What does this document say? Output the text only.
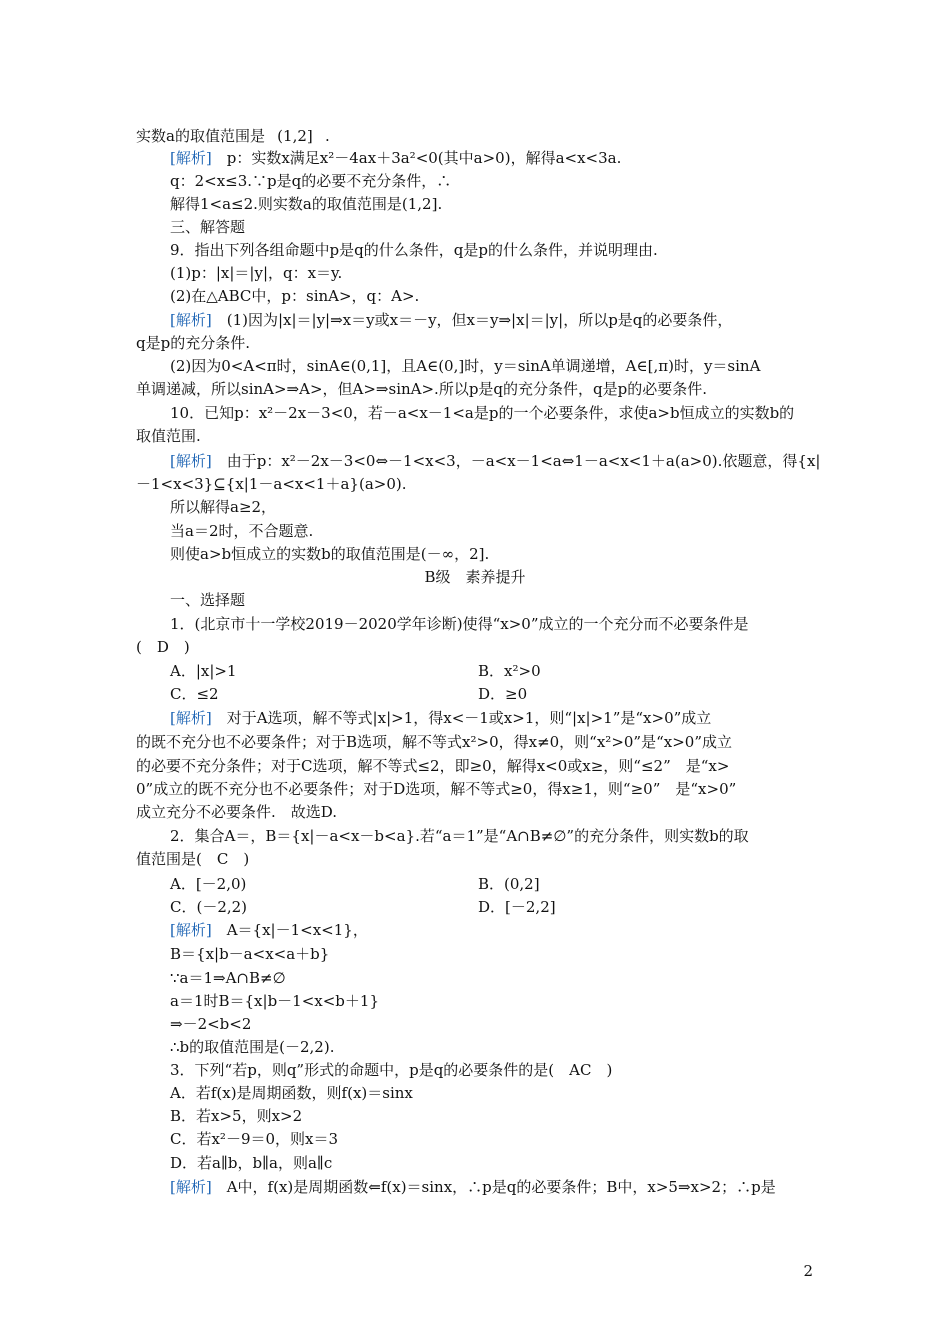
实数a的取值范围是 (1,2] .
[解析]　p：实数x满足x²－4ax＋3a²<0(其中a>0)，解得a<x<3a.
q：2<x≤3.∵p是q的必要不充分条件，∴
解得1<a≤2.则实数a的取值范围是(1,2].
三、解答题
9．指出下列各组命题中p是q的什么条件，q是p的什么条件，并说明理由.
(1)p：|x|＝|y|，q：x＝y.
(2)在△ABC中，p：sinA>，q：A>.
[解析]　(1)因为|x|＝|y|⇒x＝y或x＝－y，但x＝y⇒|x|＝|y|，所以p是q的必要条件，
q是p的充分条件.
(2)因为0<A<π时，sinA∈(0,1]，且A∈(0,]时，y＝sinA单调递增，A∈[,π)时，y＝sinA
单调递减，所以sinA>⇒A>，但A>⇒sinA>.所以p是q的充分条件，q是p的必要条件.
10．已知p：x²－2x－3<0，若－a<x－1<a是p的一个必要条件，求使a>b恒成立的实数b的
取值范围.
[解析]　由于p：x²－2x－3<0⇔－1<x<3，－a<x－1<a⇔1－a<x<1＋a(a>0).依题意，得{x|
－1<x<3}⊆{x|1－a<x<1＋a}(a>0).
所以解得a≥2，
当a＝2时，不合题意.
则使a>b恒成立的实数b的取值范围是(－∞，2].
B级　素养提升
一、选择题
1．(北京市十一学校2019－2020学年诊断)使得“x>0”成立的一个充分而不必要条件是
(　D　)
A．|x|>1	B．x²>0
C．≤2	D．≥0
[解析]　对于A选项，解不等式|x|>1，得x<－1或x>1，则“|x|>1”是“x>0”成立
的既不充分也不必要条件；对于B选项，解不等式x²>0，得x≠0，则“x²>0”是“x>0”成立
的必要不充分条件；对于C选项，解不等式≤2，即≥0，解得x<0或x≥，则“≤2”　是“x>
0”成立的既不充分也不必要条件；对于D选项，解不等式≥0，得x≥1，则“≥0”　是“x>0”
成立充分不必要条件.　故选D.
2．集合A＝，B＝{x|－a<x－b<a}.若“a＝1”是“A∩B≠∅”的充分条件，则实数b的取
值范围是(　C　)
A．[－2,0)	B．(0,2]
C．(－2,2)	D．[－2,2]
[解析]　A＝{x|－1<x<1}，
B＝{x|b－a<x<a＋b}
∵a＝1⇒A∩B≠∅
a＝1时B＝{x|b－1<x<b＋1}
⇒－2<b<2
∴b的取值范围是(－2,2).
3．下列“若p，则q”形式的命题中，p是q的必要条件的是(　AC　)
A．若f(x)是周期函数，则f(x)＝sinx
B．若x>5，则x>2
C．若x²－9＝0，则x＝3
D．若a∥b，b∥a，则a∥c
[解析]　A中，f(x)是周期函数⇐f(x)＝sinx，∴p是q的必要条件；B中，x>5⇒x>2；∴p是
2
